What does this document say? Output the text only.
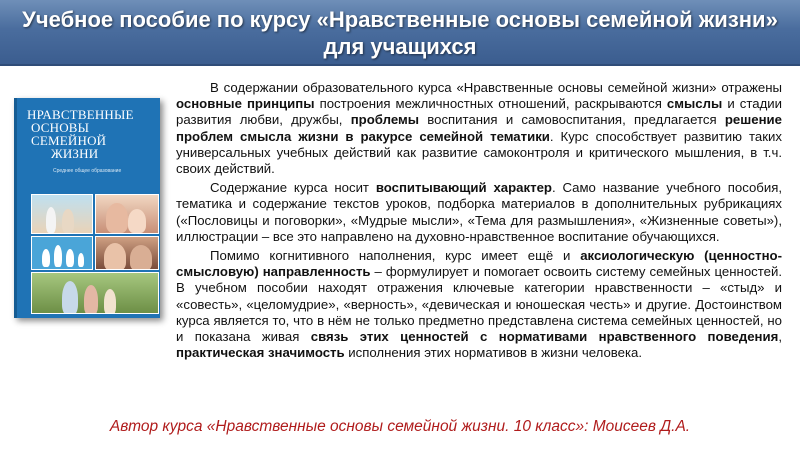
Учебное пособие по курсу «Нравственные основы семейной жизни»
для учащихся
НРАВСТВЕННЫЕ
ОСНОВЫ
СЕМЕЙНОЙ
ЖИЗНИ
Среднее общее образование

В содержании образовательного курса «Нравственные основы семейной жизни» отражены основные принципы построения межличностных отношений, раскрываются смыслы и стадии развития любви, дружбы, проблемы воспитания и самовоспитания, предлагается решение проблем смысла жизни в ракурсе семейной тематики. Курс способствует развитию таких универсальных учебных действий как развитие самоконтроля и критического мышления, в т.ч. своих действий.

Содержание курса носит воспитывающий характер. Само название учебного пособия, тематика и содержание текстов уроков, подборка материалов в дополнительных рубрикациях («Пословицы и поговорки», «Мудрые мысли», «Тема для размышления», «Жизненные советы»), иллюстрации – все это направлено на духовно-нравственное воспитание обучающихся.

Помимо когнитивного наполнения, курс имеет ещё и аксиологическую (ценностно-смысловую) направленность – формулирует и помогает освоить систему семейных ценностей. В учебном пособии находят отражения ключевые категории нравственности – «стыд» и «совесть», «целомудрие», «верность», «девическая и юношеская честь» и другие. Достоинством курса является то, что в нём не только предметно представлена система семейных ценностей, но и показана живая связь этих ценностей с нормативами нравственного поведения, практическая значимость исполнения этих нормативов в жизни человека.

Автор курса «Нравственные основы семейной жизни. 10 класс»: Моисеев Д.А.
